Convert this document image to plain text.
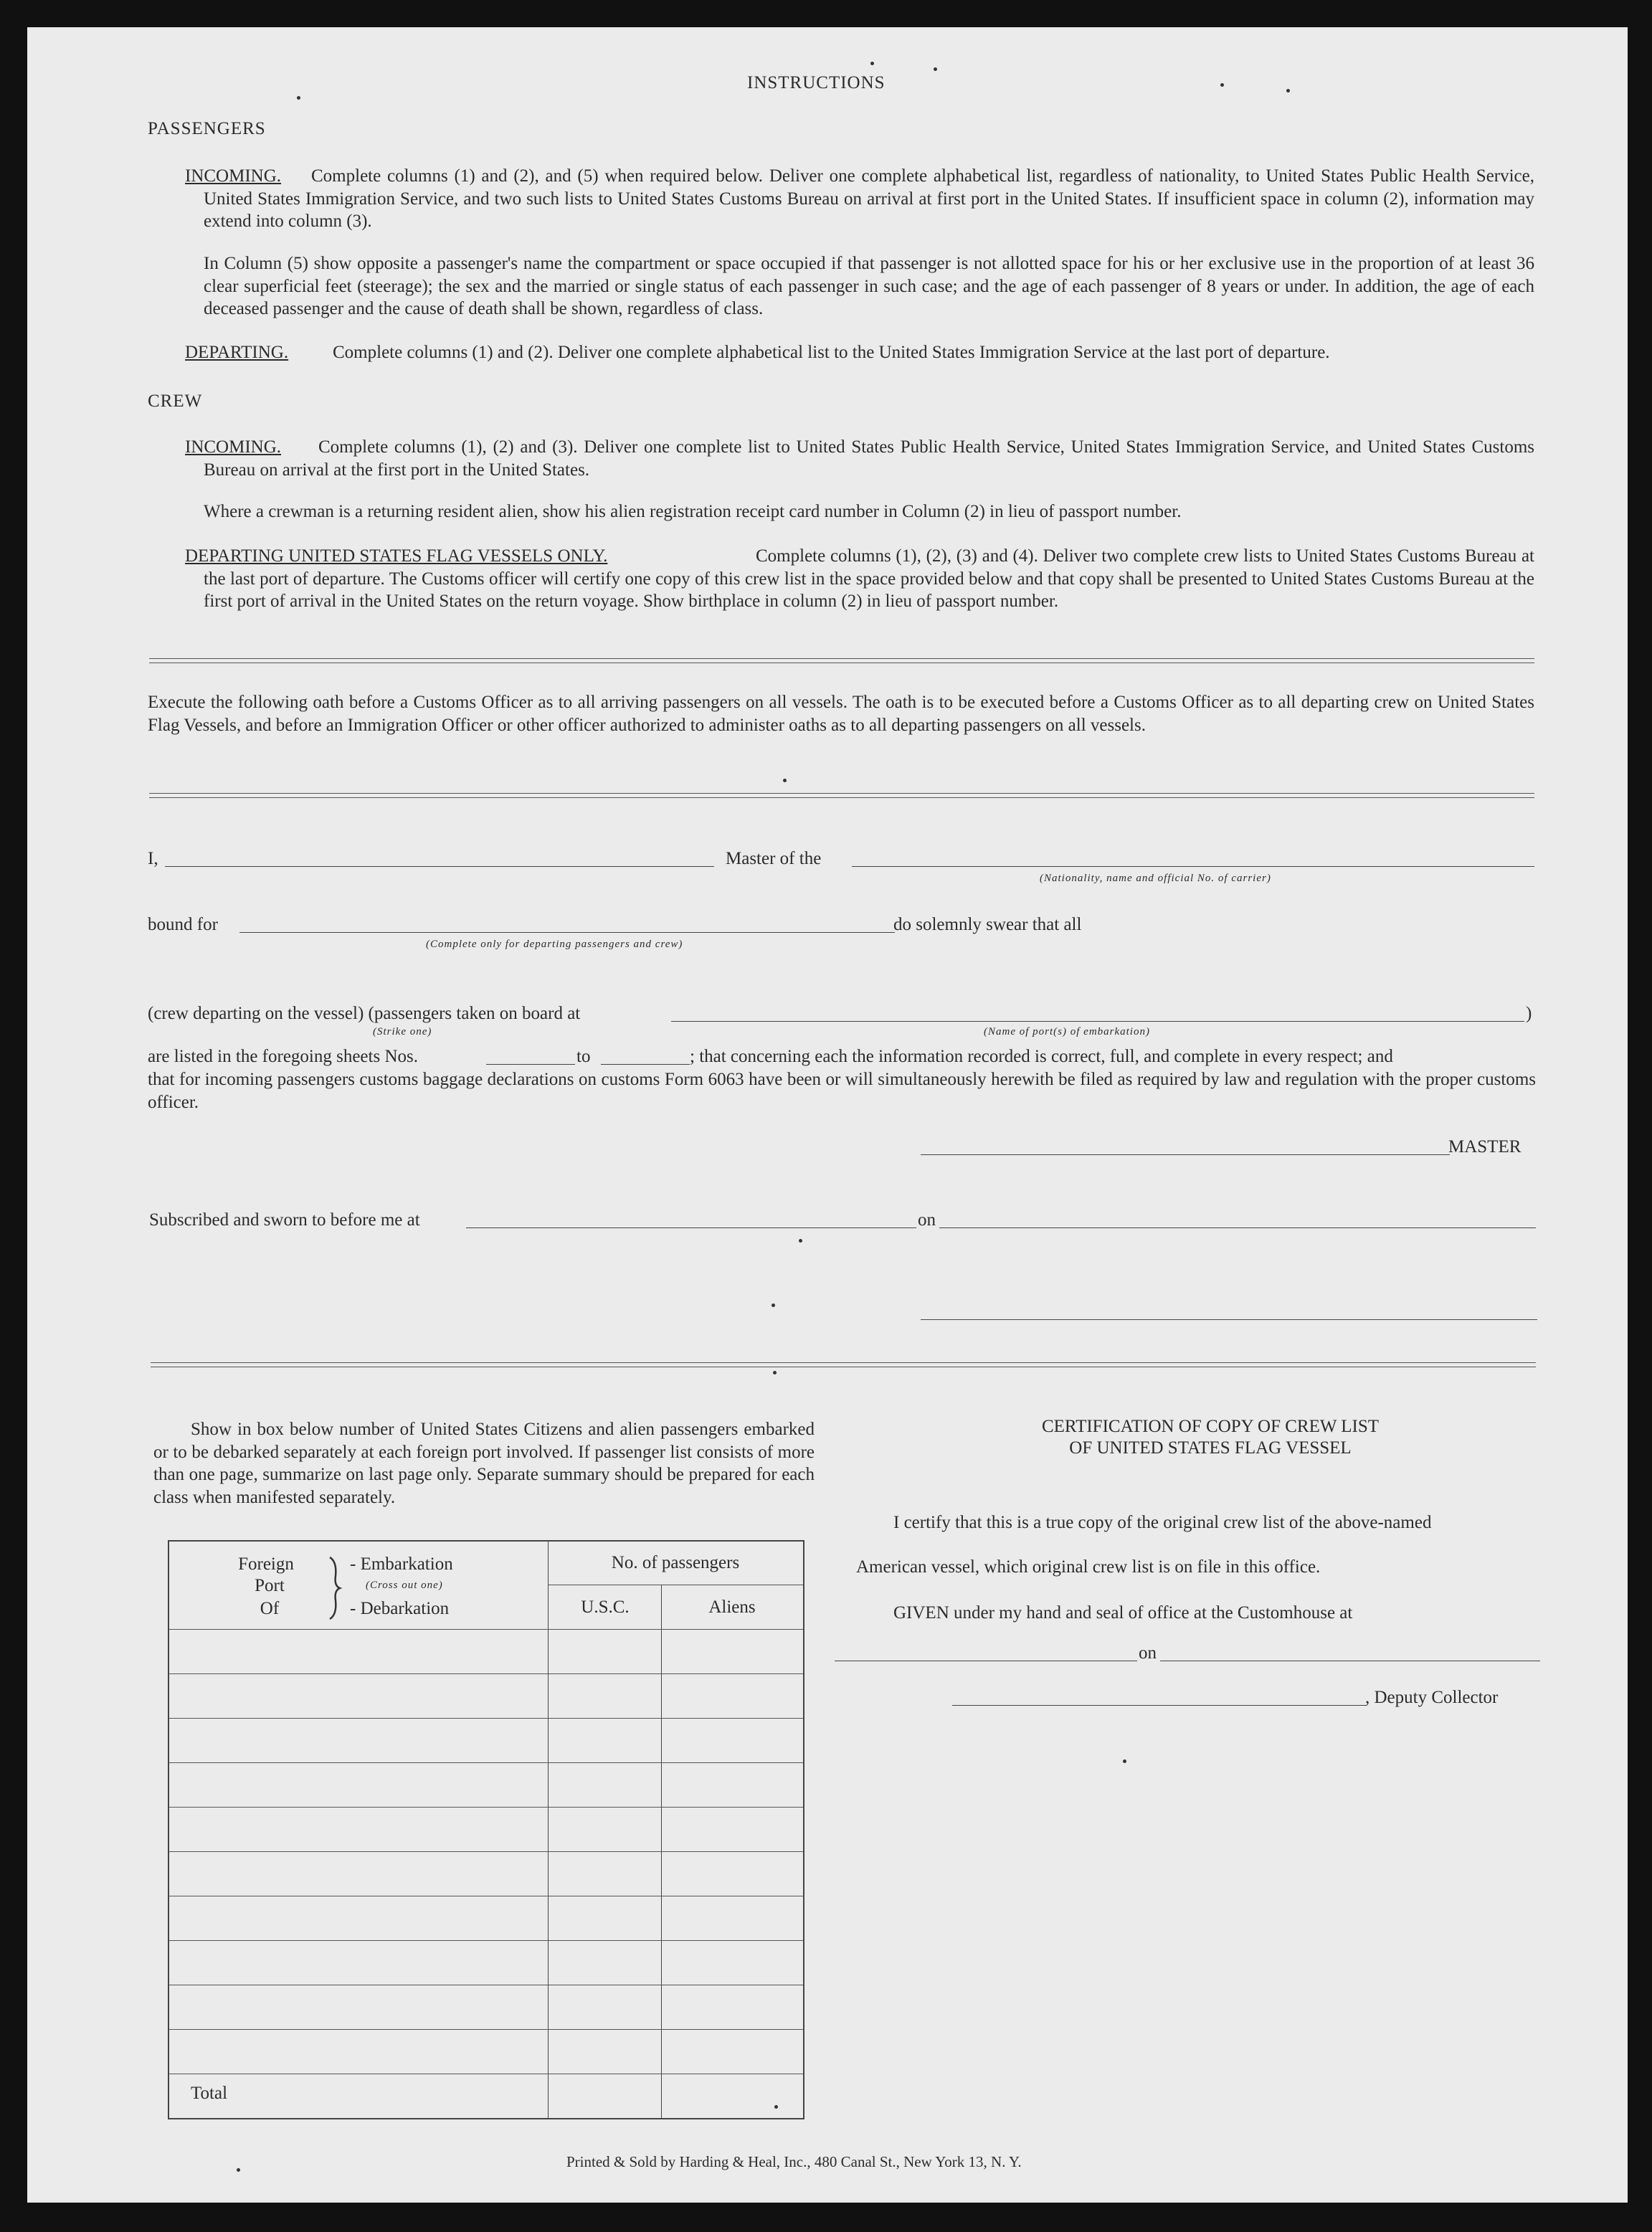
INSTRUCTIONS
PASSENGERS
INCOMING.	Complete columns (1) and (2), and (5) when required below. Deliver one complete alphabetical list, regardless of nationality, to United States Public Health Service, United States Immigration Service, and two such lists to United States Customs Bureau on arrival at first port in the United States. If insufficient space in column (2), information may extend into column (3).
In Column (5) show opposite a passenger's name the compartment or space occupied if that passenger is not allotted space for his or her exclusive use in the proportion of at least 36 clear superficial feet (steerage); the sex and the married or single status of each passenger in such case; and the age of each passenger of 8 years or under. In addition, the age of each deceased passenger and the cause of death shall be shown, regardless of class.
DEPARTING. Complete columns (1) and (2). Deliver one complete alphabetical list to the United States Immigration Service at the last port of departure.
CREW
INCOMING.	Complete columns (1), (2) and (3). Deliver one complete list to United States Public Health Service, United States Immigration Service, and United States Customs Bureau on arrival at the first port in the United States.
Where a crewman is a returning resident alien, show his alien registration receipt card number in Column (2) in lieu of passport number.
DEPARTING UNITED STATES FLAG VESSELS ONLY.	Complete columns (1), (2), (3) and (4). Deliver two complete crew lists to United States Customs Bureau at the last port of departure. The Customs officer will certify one copy of this crew list in the space provided below and that copy shall be presented to United States Customs Bureau at the first port of arrival in the United States on the return voyage. Show birthplace in column (2) in lieu of passport number.
Execute the following oath before a Customs Officer as to all arriving passengers on all vessels. The oath is to be executed before a Customs Officer as to all departing crew on United States Flag Vessels, and before an Immigration Officer or other officer authorized to administer oaths as to all departing passengers on all vessels.
I,	Master of the
(Nationality, name and official No. of carrier)
bound for
(Complete only for departing passengers and crew)
do solemnly swear that all
(crew departing on the vessel) (passengers taken on board at	)
(Strike one)	(Name of port(s) of embarkation)
are listed in the foregoing sheets Nos.	to	; that concerning each the information recorded is correct, full, and complete in every respect; and
that for incoming passengers customs baggage declarations on customs Form 6063 have been or will simultaneously herewith be filed as required by law and regulation with the proper customs officer.
MASTER
Subscribed and sworn to before me at	on
Show in box below number of United States Citizens and alien passengers embarked or to be debarked separately at each foreign port involved. If passenger list consists of more than one page, summarize on last page only. Separate summary should be prepared for each class when manifested separately.
Foreign
Port
Of
- Embarkation
(Cross out one)
- Debarkation
No. of passengers
U.S.C.	Aliens
Total
CERTIFICATION OF COPY OF CREW LIST
OF UNITED STATES FLAG VESSEL
I certify that this is a true copy of the original crew list of the above-named
American vessel, which original crew list is on file in this office.
GIVEN under my hand and seal of office at the Customhouse at
on
, Deputy Collector
Printed & Sold by Harding & Heal, Inc., 480 Canal St., New York 13, N. Y.
